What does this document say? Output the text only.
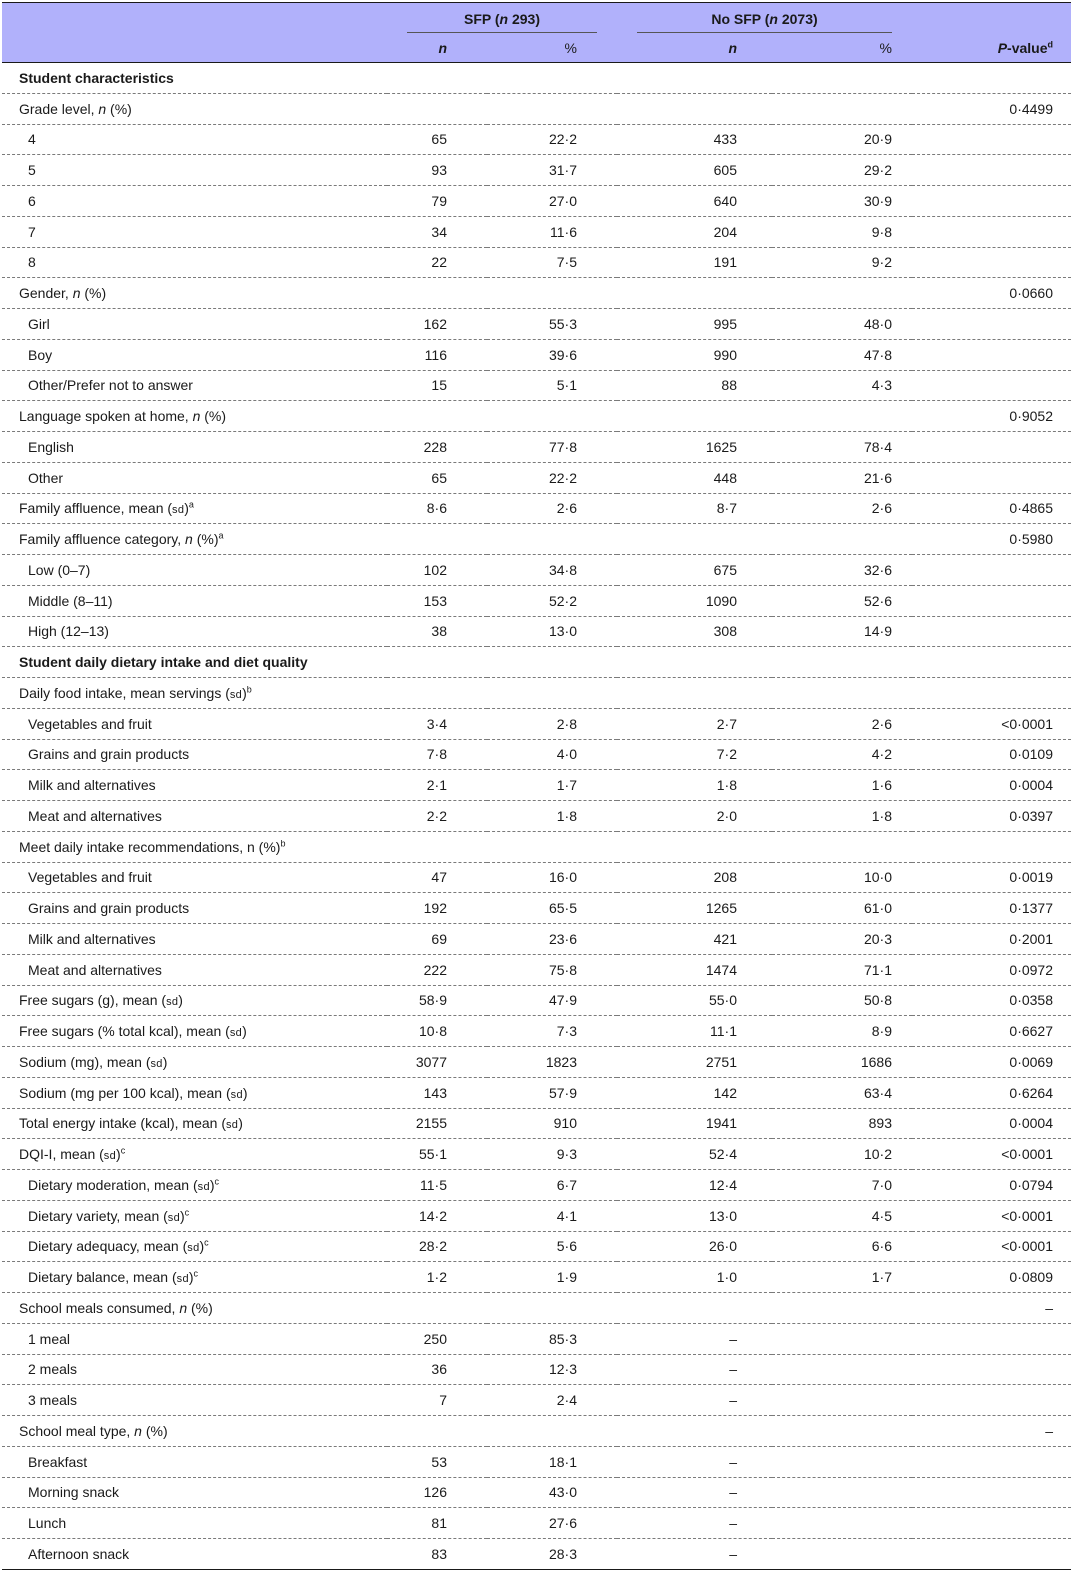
	SFP (n 293)		No SFP (n 2073)		

	n	%	n	%	P-value$^d$
Student characteristics					
Grade level, n (%)					0·4499
4	65	22·2	433	20·9	
5	93	31·7	605	29·2	
6	79	27·0	640	30·9	
7	34	11·6	204	9·8	
8	22	7·5	191	9·2	
Gender, n (%)					0·0660
Girl	162	55·3	995	48·0	
Boy	116	39·6	990	47·8	
Other/Prefer not to answer	15	5·1	88	4·3	
Language spoken at home, n (%)					0·9052
English	228	77·8	1625	78·4	
Other	65	22·2	448	21·6	
Family affluence, mean (sd)$^a$	8·6	2·6	8·7	2·6	0·4865
Family affluence category, n (%)$^a$					0·5980
Low (0–7)	102	34·8	675	32·6	
Middle (8–11)	153	52·2	1090	52·6	
High (12–13)	38	13·0	308	14·9	
Student daily dietary intake and diet quality					
Daily food intake, mean servings (sd)$^b$					
Vegetables and fruit	3·4	2·8	2·7	2·6	<0·0001
Grains and grain products	7·8	4·0	7·2	4·2	0·0109
Milk and alternatives	2·1	1·7	1·8	1·6	0·0004
Meat and alternatives	2·2	1·8	2·0	1·8	0·0397
Meet daily intake recommendations, n (%)$^b$					
Vegetables and fruit	47	16·0	208	10·0	0·0019
Grains and grain products	192	65·5	1265	61·0	0·1377
Milk and alternatives	69	23·6	421	20·3	0·2001
Meat and alternatives	222	75·8	1474	71·1	0·0972
Free sugars (g), mean (sd)	58·9	47·9	55·0	50·8	0·0358
Free sugars (% total kcal), mean (sd)	10·8	7·3	11·1	8·9	0·6627
Sodium (mg), mean (sd)	3077	1823	2751	1686	0·0069
Sodium (mg per 100 kcal), mean (sd)	143	57·9	142	63·4	0·6264
Total energy intake (kcal), mean (sd)	2155	910	1941	893	0·0004
DQI-I, mean (sd)$^c$	55·1	9·3	52·4	10·2	<0·0001
Dietary moderation, mean (sd)$^c$	11·5	6·7	12·4	7·0	0·0794
Dietary variety, mean (sd)$^c$	14·2	4·1	13·0	4·5	<0·0001
Dietary adequacy, mean (sd)$^c$	28·2	5·6	26·0	6·6	<0·0001
Dietary balance, mean (sd)$^c$	1·2	1·9	1·0	1·7	0·0809
School meals consumed, n (%)					–
1 meal	250	85·3	–		
2 meals	36	12·3	–		
3 meals	7	2·4	–		
School meal type, n (%)					–
Breakfast	53	18·1	–		
Morning snack	126	43·0	–		
Lunch	81	27·6	–		
Afternoon snack	83	28·3	–		
